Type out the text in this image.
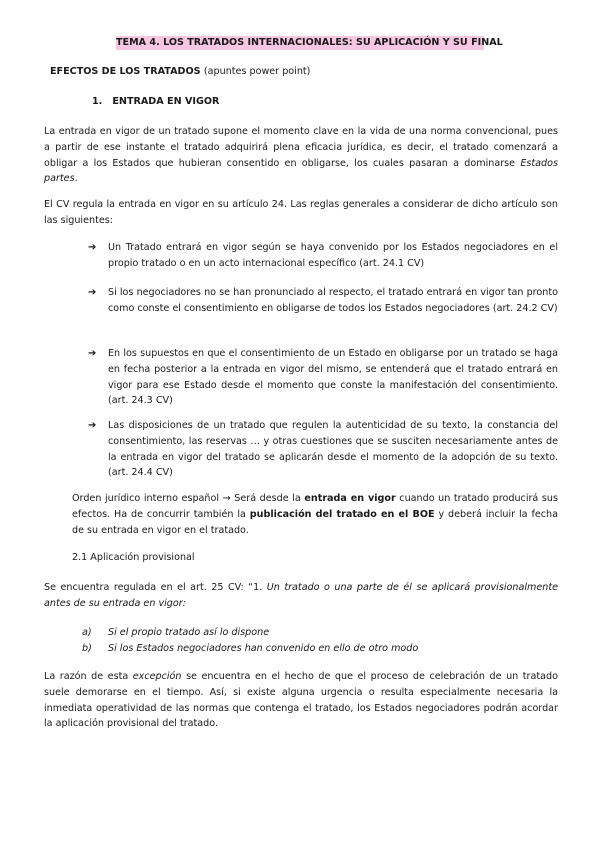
TEMA 4. LOS TRATADOS INTERNACIONALES: SU APLICACIÓN Y SU FINAL
EFECTOS DE LOS TRATADOS (apuntes power point)
1. ENTRADA EN VIGOR
La entrada en vigor de un tratado supone el momento clave en la vida de una norma convencional, pues a partir de ese instante el tratado adquirirá plena eficacia jurídica, es decir, el tratado comenzará a obligar a los Estados que hubieran consentido en obligarse, los cuales pasaran a dominarse Estados partes.
El CV regula la entrada en vigor en su artículo 24. Las reglas generales a considerar de dicho artículo son las siguientes:
➔ Un Tratado entrará en vigor según se haya convenido por los Estados negociadores en el propio tratado o en un acto internacional específico (art. 24.1 CV)
➔ Si los negociadores no se han pronunciado al respecto, el tratado entrará en vigor tan pronto como conste el consentimiento en obligarse de todos los Estados negociadores (art. 24.2 CV)
➔ En los supuestos en que el consentimiento de un Estado en obligarse por un tratado se haga en fecha posterior a la entrada en vigor del mismo, se entenderá que el tratado entrará en vigor para ese Estado desde el momento que conste la manifestación del consentimiento. (art. 24.3 CV)
➔ Las disposiciones de un tratado que regulen la autenticidad de su texto, la constancia del consentimiento, las reservas … y otras cuestiones que se susciten necesariamente antes de la entrada en vigor del tratado se aplicarán desde el momento de la adopción de su texto. (art. 24.4 CV)
Orden jurídico interno español → Será desde la entrada en vigor cuando un tratado producirá sus efectos. Ha de concurrir también la publicación del tratado en el BOE y deberá incluir la fecha de su entrada en vigor en el tratado.
2.1 Aplicación provisional
Se encuentra regulada en el art. 25 CV: “1. Un tratado o una parte de él se aplicará provisionalmente antes de su entrada en vigor:
a) Si el propio tratado así lo dispone
b) Si los Estados negociadores han convenido en ello de otro modo
La razón de esta excepción se encuentra en el hecho de que el proceso de celebración de un tratado suele demorarse en el tiempo. Así, si existe alguna urgencia o resulta especialmente necesaria la inmediata operatividad de las normas que contenga el tratado, los Estados negociadores podrán acordar la aplicación provisional del tratado.
